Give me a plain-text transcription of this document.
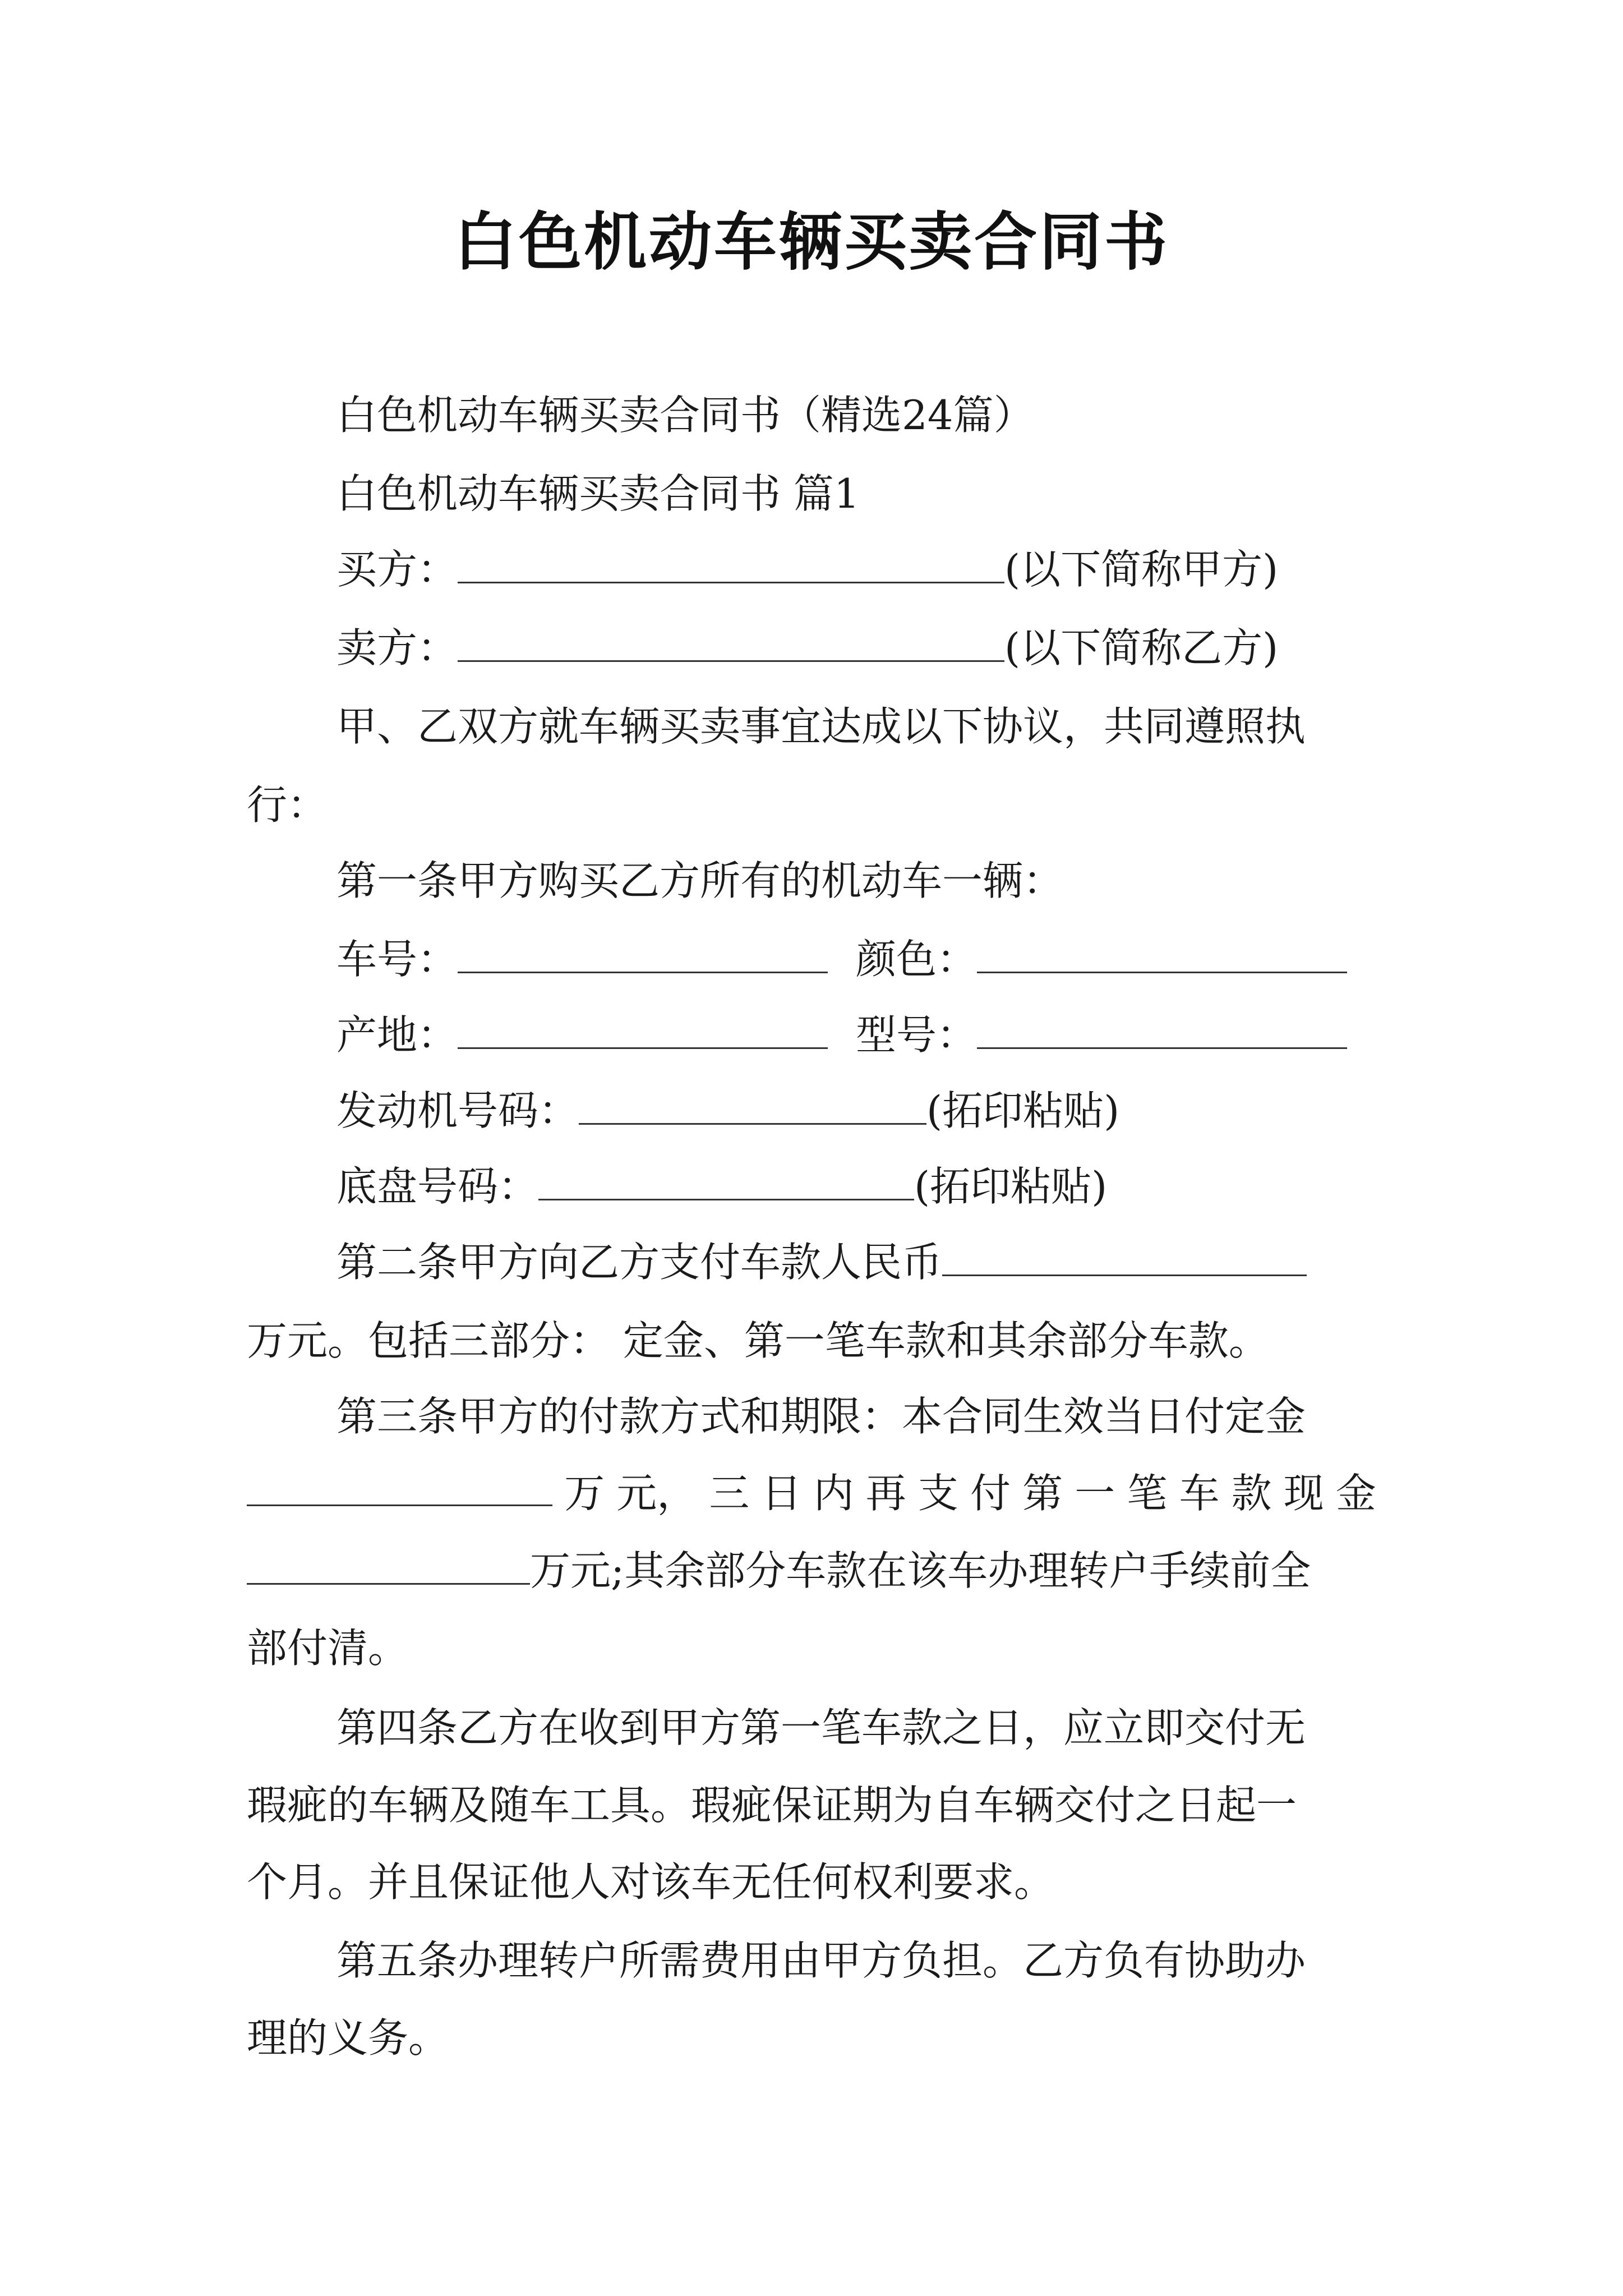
白色机动车辆买卖合同书
白色机动车辆买卖合同书（精选24篇）
白色机动车辆买卖合同书 篇1
买方：	(以下简称甲方)
卖方：	(以下简称乙方)
甲、乙双方就车辆买卖事宜达成以下协议，共同遵照执
行：
第一条甲方购买乙方所有的机动车一辆：
车号：	颜色：
产地：	型号：
发动机号码：	(拓印粘贴)
底盘号码：	(拓印粘贴)
第二条甲方向乙方支付车款人民币
万元。包括三部分： 定金、第一笔车款和其余部分车款。
第三条甲方的付款方式和期限：本合同生效当日付定金
万 元， 三 日 内 再 支 付 第 一 笔 车 款 现 金
万元;其余部分车款在该车办理转户手续前全
部付清。
第四条乙方在收到甲方第一笔车款之日，应立即交付无
瑕疵的车辆及随车工具。瑕疵保证期为自车辆交付之日起一
个月。并且保证他人对该车无任何权利要求。
第五条办理转户所需费用由甲方负担。乙方负有协助办
理的义务。
